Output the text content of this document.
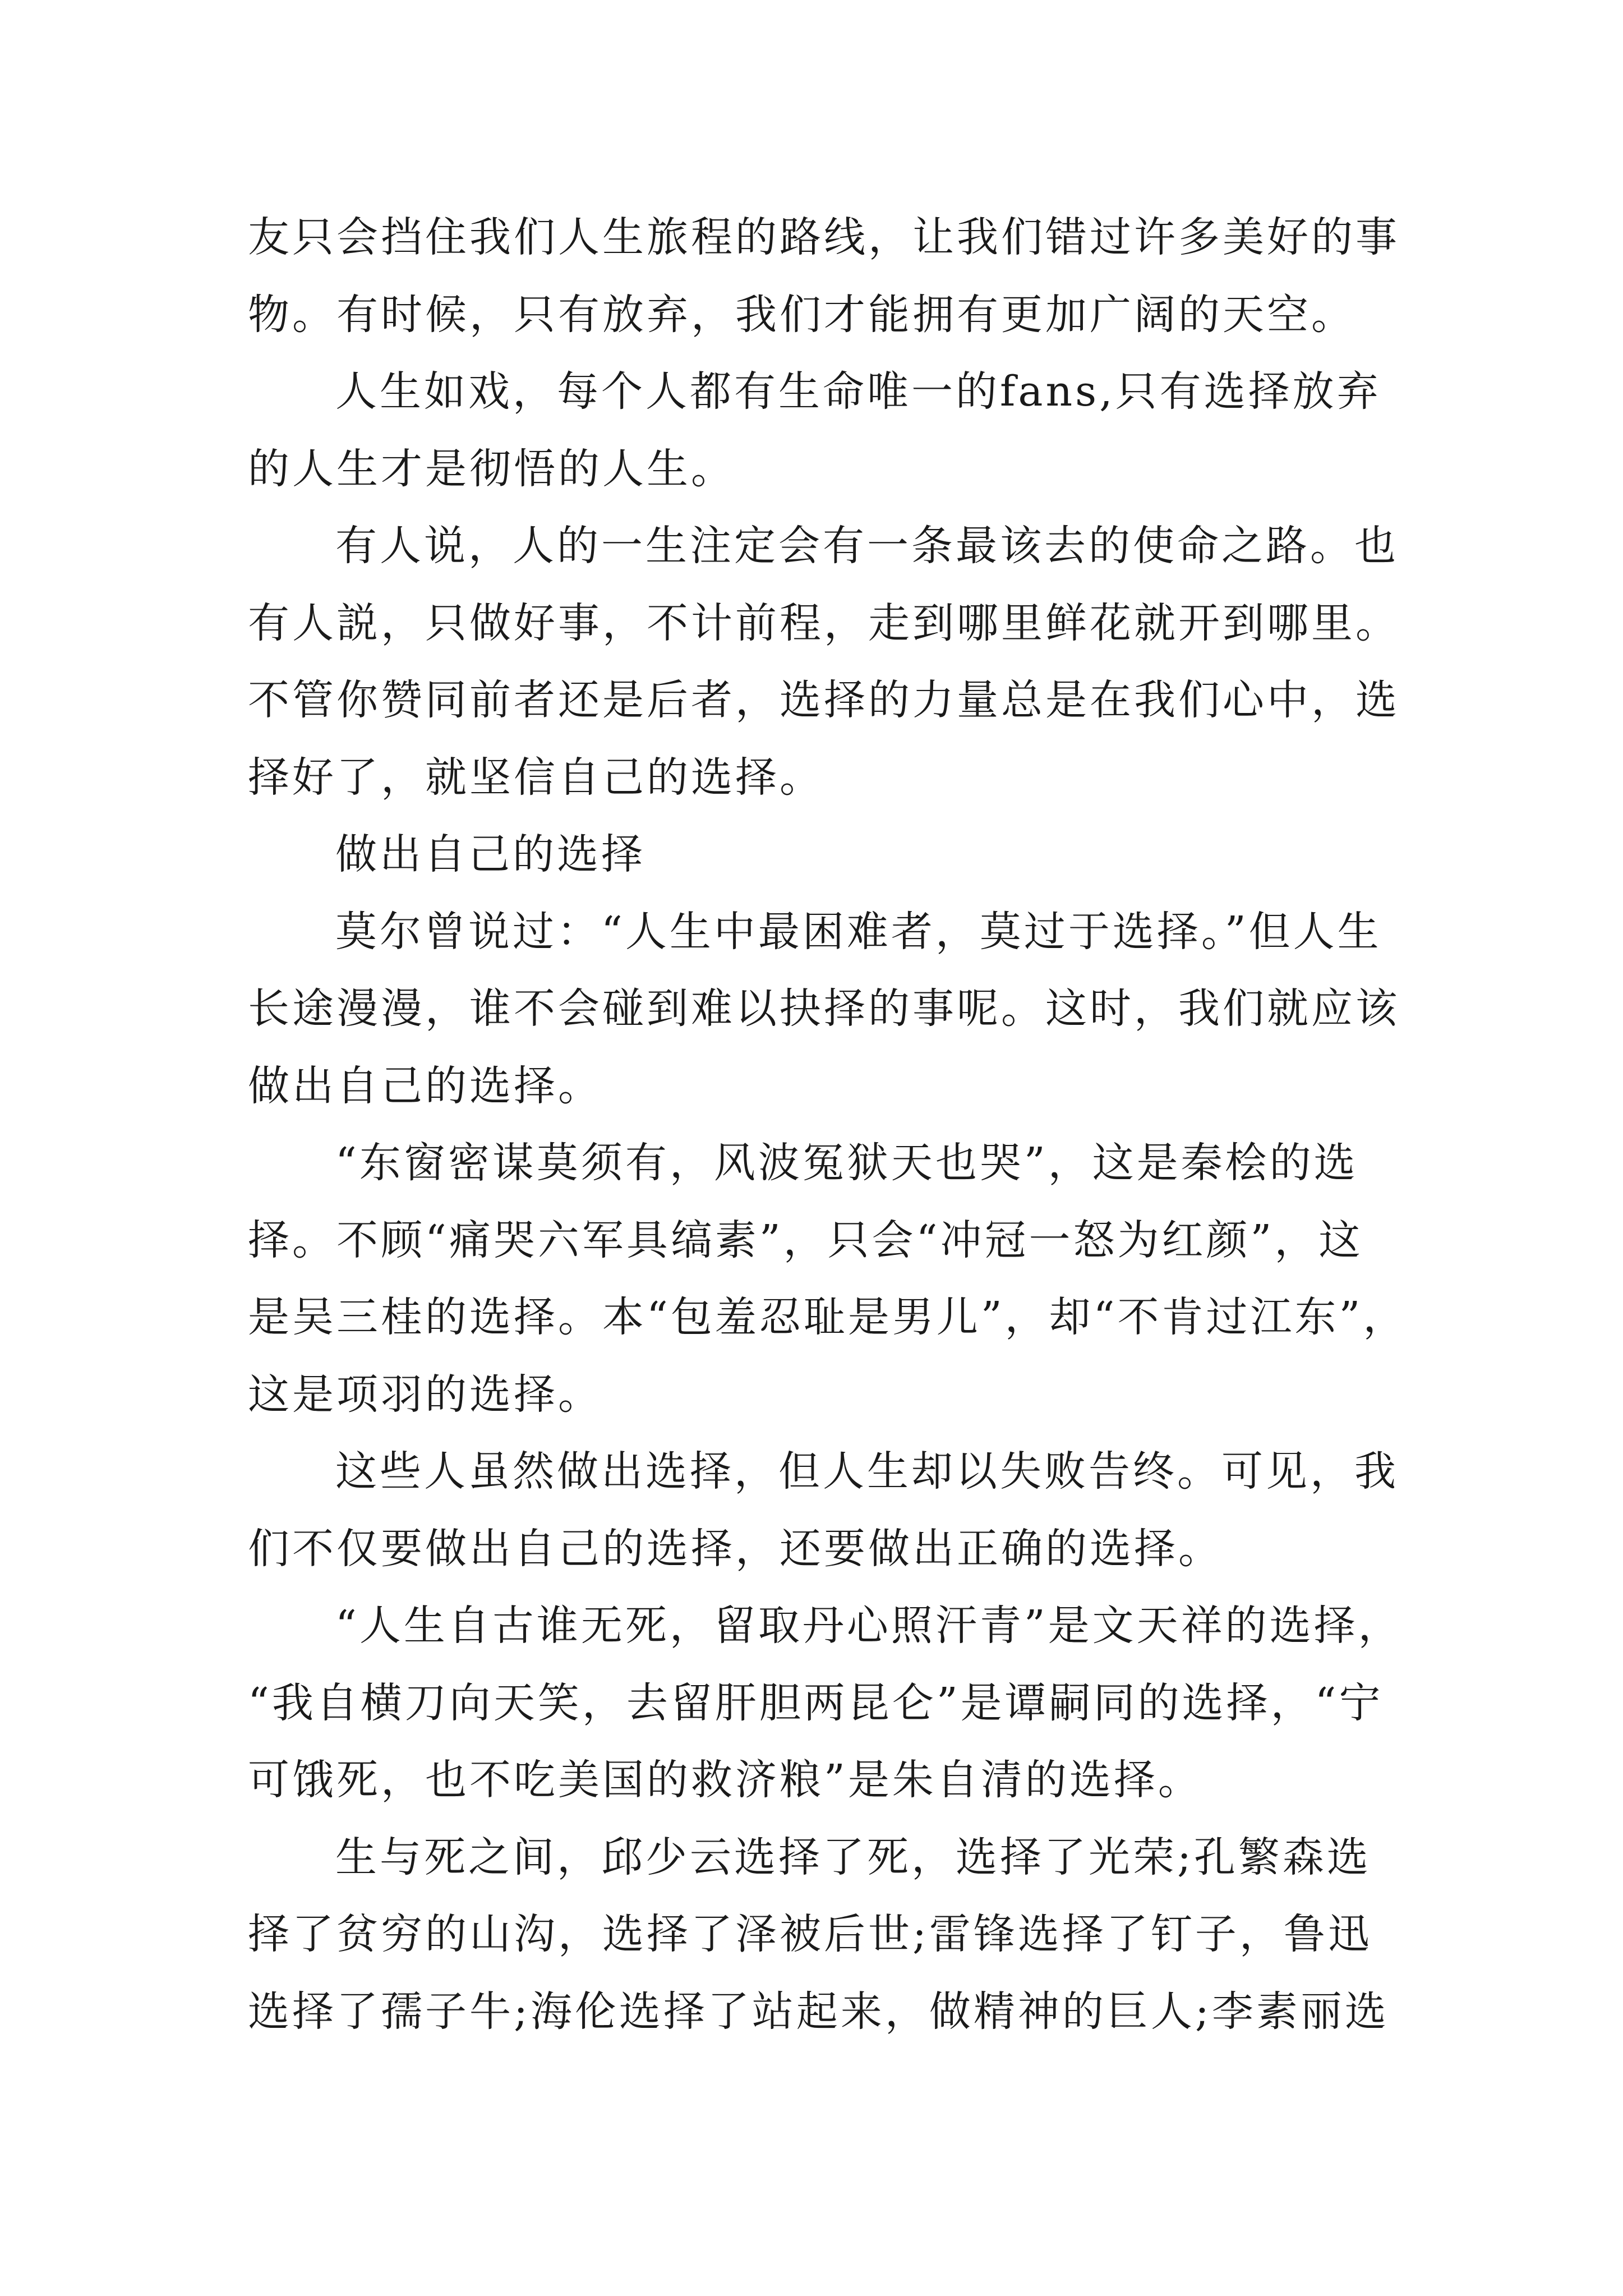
友只会挡住我们人生旅程的路线，让我们错过许多美好的事
物。有时候，只有放弃，我们才能拥有更加广阔的天空。
人生如戏，每个人都有生命唯一的fans,只有选择放弃
的人生才是彻悟的人生。
有人说，人的一生注定会有一条最该去的使命之路。也
有人説，只做好事，不计前程，走到哪里鲜花就开到哪里。
不管你赞同前者还是后者，选择的力量总是在我们心中，选
择好了，就坚信自己的选择。
做出自己的选择
莫尔曾说过：“人生中最困难者，莫过于选择。”但人生
长途漫漫，谁不会碰到难以抉择的事呢。这时，我们就应该
做出自己的选择。
“东窗密谋莫须有，风波冤狱天也哭”，这是秦桧的选
择。不顾“痛哭六军具缟素”，只会“冲冠一怒为红颜”，这
是吴三桂的选择。本“包羞忍耻是男儿”，却“不肯过江东”，
这是项羽的选择。
这些人虽然做出选择，但人生却以失败告终。可见，我
们不仅要做出自己的选择，还要做出正确的选择。
“人生自古谁无死，留取丹心照汗青”是文天祥的选择，
“我自横刀向天笑，去留肝胆两昆仑”是谭嗣同的选择，“宁
可饿死，也不吃美国的救济粮”是朱自清的选择。
生与死之间，邱少云选择了死，选择了光荣;孔繁森选
择了贫穷的山沟，选择了泽被后世;雷锋选择了钉子，鲁迅
选择了孺子牛;海伦选择了站起来，做精神的巨人;李素丽选
